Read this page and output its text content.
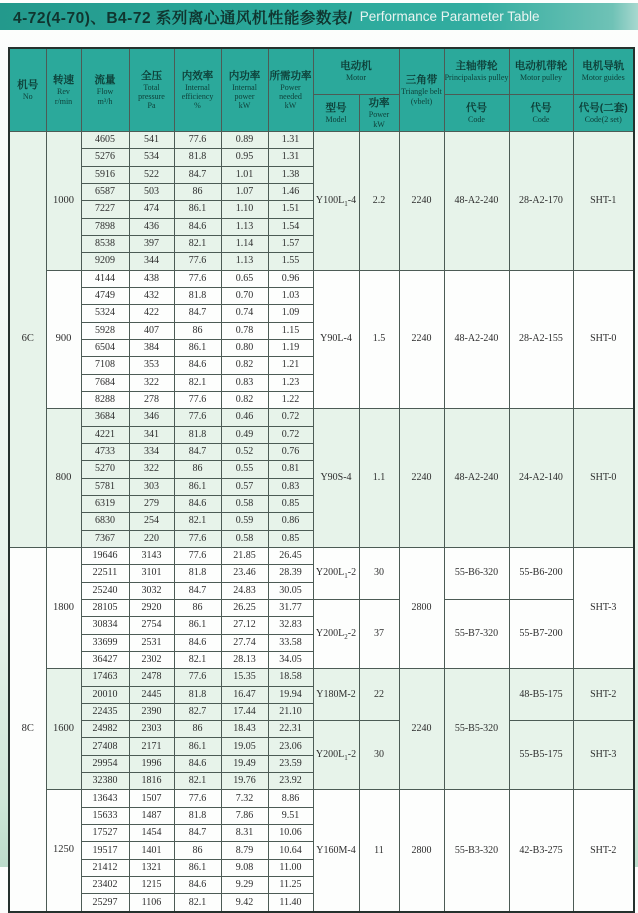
4-72(4-70)、B4-72 系列离心通风机性能参数表/ Performance Parameter Table
机号
No	转速
Rev
r/min	流量
Flow
m³/h	全压
Total pressure
Pa	内效率
Internal efficiency
%	内功率
Internal power
kW	所需功率
Power needed
kW	电动机
Motor		三角带
Triangle belt
(vbelt)	主轴带轮
Principalaxis pulley	电动机带轮
Motor pulley	电机导轨
Motor guides

							型号
Model	功率
Power
kW		代号
Code	代号
Code	代号(二套)
Code(2 set)

6C	1000	4605	541	77.6	0.89	1.31	$Y100L_1-4$	2.2	2240	48-A2-240	28-A2-170	SHT-1
		5276	534	81.8	0.95	1.31						
		5916	522	84.7	1.01	1.38						
		6587	503	86	1.07	1.46						
		7227	474	86.1	1.10	1.51						
		7898	436	84.6	1.13	1.54						
		8538	397	82.1	1.14	1.57						
		9209	344	77.6	1.13	1.55						
	900	4144	438	77.6	0.65	0.96	Y90L-4	1.5	2240	48-A2-240	28-A2-155	SHT-0
		4749	432	81.8	0.70	1.03						
		5324	422	84.7	0.74	1.09						
		5928	407	86	0.78	1.15						
		6504	384	86.1	0.80	1.19						
		7108	353	84.6	0.82	1.21						
		7684	322	82.1	0.83	1.23						
		8288	278	77.6	0.82	1.22						
	800	3684	346	77.6	0.46	0.72	Y90S-4	1.1	2240	48-A2-240	24-A2-140	SHT-0
		4221	341	81.8	0.49	0.72						
		4733	334	84.7	0.52	0.76						
		5270	322	86	0.55	0.81						
		5781	303	86.1	0.57	0.83						
		6319	279	84.6	0.58	0.85						
		6830	254	82.1	0.59	0.86						
		7367	220	77.6	0.58	0.85						
8C	1800	19646	3143	77.6	21.85	26.45	$Y200L_1-2$	30	2800	55-B6-320	55-B6-200	SHT-3
		22511	3101	81.8	23.46	28.39						
		25240	3032	84.7	24.83	30.05						
		28105	2920	86	26.25	31.77	$Y200L_2-2$	37		55-B7-320	55-B7-200	
		30834	2754	86.1	27.12	32.83						
		33699	2531	84.6	27.74	33.58						
		36427	2302	82.1	28.13	34.05						
	1600	17463	2478	77.6	15.35	18.58	Y180M-2	22	2240	55-B5-320	48-B5-175	SHT-2
		20010	2445	81.8	16.47	19.94						
		22435	2390	82.7	17.44	21.10						
		24982	2303	86	18.43	22.31	$Y200L_1-2$	30			55-B5-175	SHT-3
		27408	2171	86.1	19.05	23.06						
		29954	1996	84.6	19.49	23.59						
		32380	1816	82.1	19.76	23.92						
	1250	13643	1507	77.6	7.32	8.86	Y160M-4	11	2800	55-B3-320	42-B3-275	SHT-2
		15633	1487	81.8	7.86	9.51						
		17527	1454	84.7	8.31	10.06						
		19517	1401	86	8.79	10.64						
		21412	1321	86.1	9.08	11.00						
		23402	1215	84.6	9.29	11.25						
		25297	1106	82.1	9.42	11.40						
